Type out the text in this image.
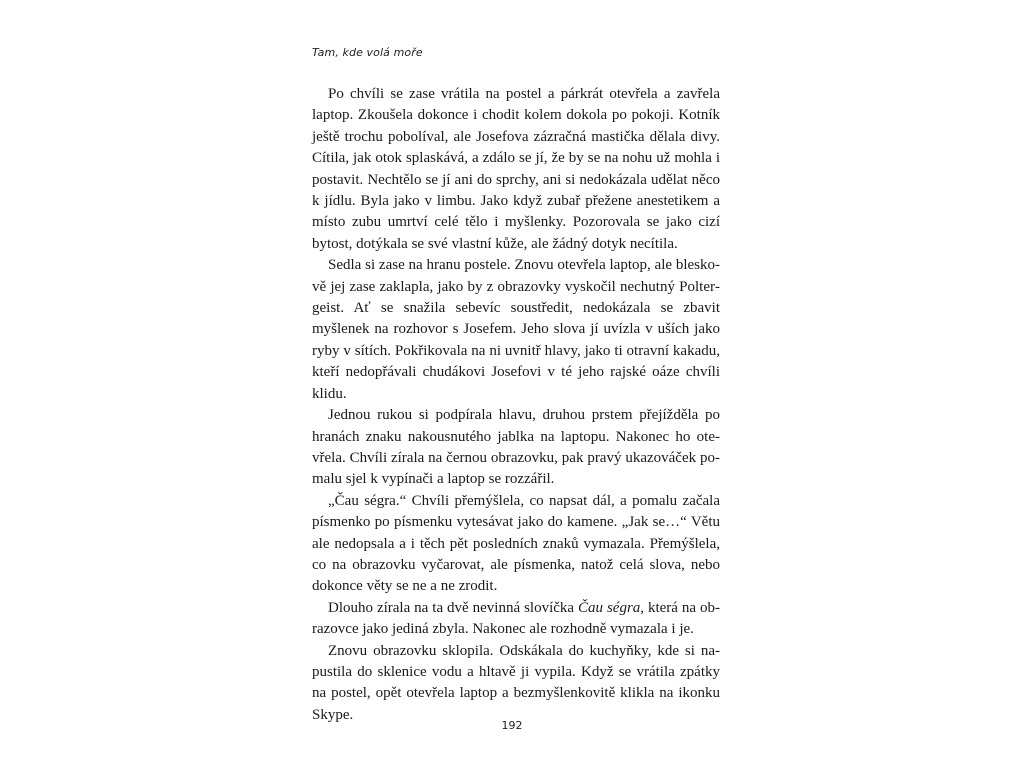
Tam, kde volá moře

Po chvíli se zase vrátila na postel a párkrát otevřela a zavřela laptop. Zkoušela dokonce i chodit kolem dokola po pokoji. Kotník ještě trochu pobolíval, ale Josefova zázračná mastička dělala divy. Cítila, jak otok splaskává, a zdálo se jí, že by se na nohu už mohla i postavit. Nechtělo se jí ani do sprchy, ani si nedokázala udělat něco k jídlu. Byla jako v limbu. Jako když zubař přežene anestetikem a místo zubu umrtví celé tělo i myšlenky. Pozorovala se jako cizí bytost, dotýkala se své vlastní kůže, ale žádný dotyk necítila.

Sedla si zase na hranu postele. Znovu otevřela laptop, ale bleskově jej zase zaklapla, jako by z obrazovky vyskočil nechutný Poltergeist. Ať se snažila sebevíc soustředit, nedokázala se zbavit myšlenek na rozhovor s Josefem. Jeho slova jí uvízla v uších jako ryby v sítích. Pokřikovala na ni uvnitř hlavy, jako ti otravní kakadu, kteří nedopřávali chudákovi Josefovi v té jeho rajské oáze chvíli klidu.

Jednou rukou si podpírala hlavu, druhou prstem přejížděla po hranách znaku nakousnutého jablka na laptopu. Nakonec ho otevřela. Chvíli zírala na černou obrazovku, pak pravý ukazováček pomalu sjel k vypínači a laptop se rozzářil.

„Čau ségra.“ Chvíli přemýšlela, co napsat dál, a pomalu začala písmenko po písmenku vytesávat jako do kamene. „Jak se…“ Větu ale nedopsala a i těch pět posledních znaků vymazala. Přemýšlela, co na obrazovku vyčarovat, ale písmenka, natož celá slova, nebo dokonce věty se ne a ne zrodit.

Dlouho zírala na ta dvě nevinná slovíčka Čau ségra, která na obrazovce jako jediná zbyla. Nakonec ale rozhodně vymazala i je.

Znovu obrazovku sklopila. Odskákala do kuchyňky, kde si napustila do sklenice vodu a hltavě ji vypila. Když se vrátila zpátky na postel, opět otevřela laptop a bezmyšlenkovitě klikla na ikonku Skype.

192
